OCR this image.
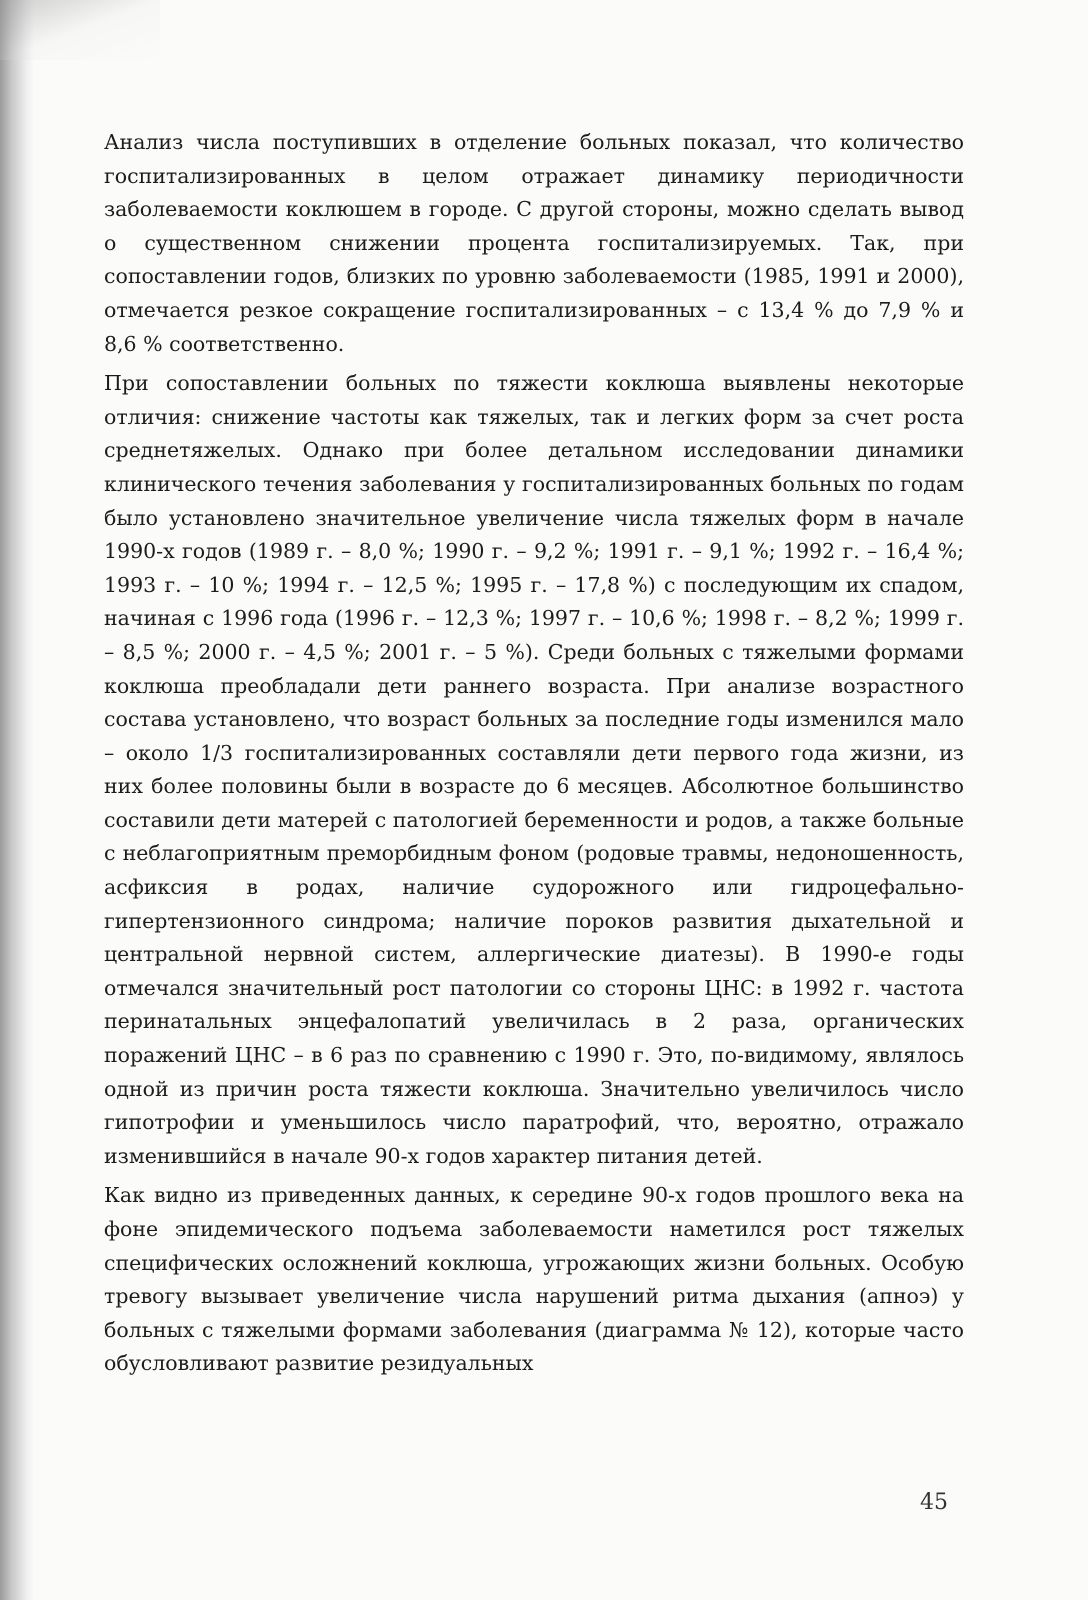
Анализ числа поступивших в отделение больных показал, что количество госпитализированных в целом отражает динамику периодичности заболеваемости коклюшем в городе. С другой стороны, можно сделать вывод о существенном снижении процента госпитализируемых. Так, при сопоставлении годов, близких по уровню заболеваемости (1985, 1991 и 2000), отмечается резкое сокращение госпитализированных – с 13,4 % до 7,9 % и 8,6 % соответственно.

При сопоставлении больных по тяжести коклюша выявлены некоторые отличия: снижение частоты как тяжелых, так и легких форм за счет роста среднетяжелых. Однако при более детальном исследовании динамики клинического течения заболевания у госпитализированных больных по годам было установлено значительное увеличение числа тяжелых форм в начале 1990-х годов (1989 г. – 8,0 %; 1990 г. – 9,2 %; 1991 г. – 9,1 %; 1992 г. – 16,4 %; 1993 г. – 10 %; 1994 г. – 12,5 %; 1995 г. – 17,8 %) с последующим их спадом, начиная с 1996 года (1996 г. – 12,3 %; 1997 г. – 10,6 %; 1998 г. – 8,2 %; 1999 г. – 8,5 %; 2000 г. – 4,5 %; 2001 г. – 5 %). Среди больных с тяжелыми формами коклюша преобладали дети раннего возраста. При анализе возрастного состава установлено, что возраст больных за последние годы изменился мало – около 1/3 госпитализированных составляли дети первого года жизни, из них более половины были в возрасте до 6 месяцев. Абсолютное большинство составили дети матерей с патологией беременности и родов, а также больные с неблагоприятным преморбидным фоном (родовые травмы, недоношенность, асфиксия в родах, наличие судорожного или гидроцефально-гипертензионного синдрома; наличие пороков развития дыхательной и центральной нервной систем, аллергические диатезы). В 1990-е годы отмечался значительный рост патологии со стороны ЦНС: в 1992 г. частота перинатальных энцефалопатий увеличилась в 2 раза, органических поражений ЦНС – в 6 раз по сравнению с 1990 г. Это, по-видимому, являлось одной из причин роста тяжести коклюша. Значительно увеличилось число гипотрофии и уменьшилось число паратрофий, что, вероятно, отражало изменившийся в начале 90-х годов характер питания детей.

Как видно из приведенных данных, к середине 90-х годов прошлого века на фоне эпидемического подъема заболеваемости наметился рост тяжелых специфических осложнений коклюша, угрожающих жизни больных. Особую тревогу вызывает увеличение числа нарушений ритма дыхания (апноэ) у больных с тяжелыми формами заболевания (диаграмма № 12), которые часто обусловливают развитие резидуальных

45
